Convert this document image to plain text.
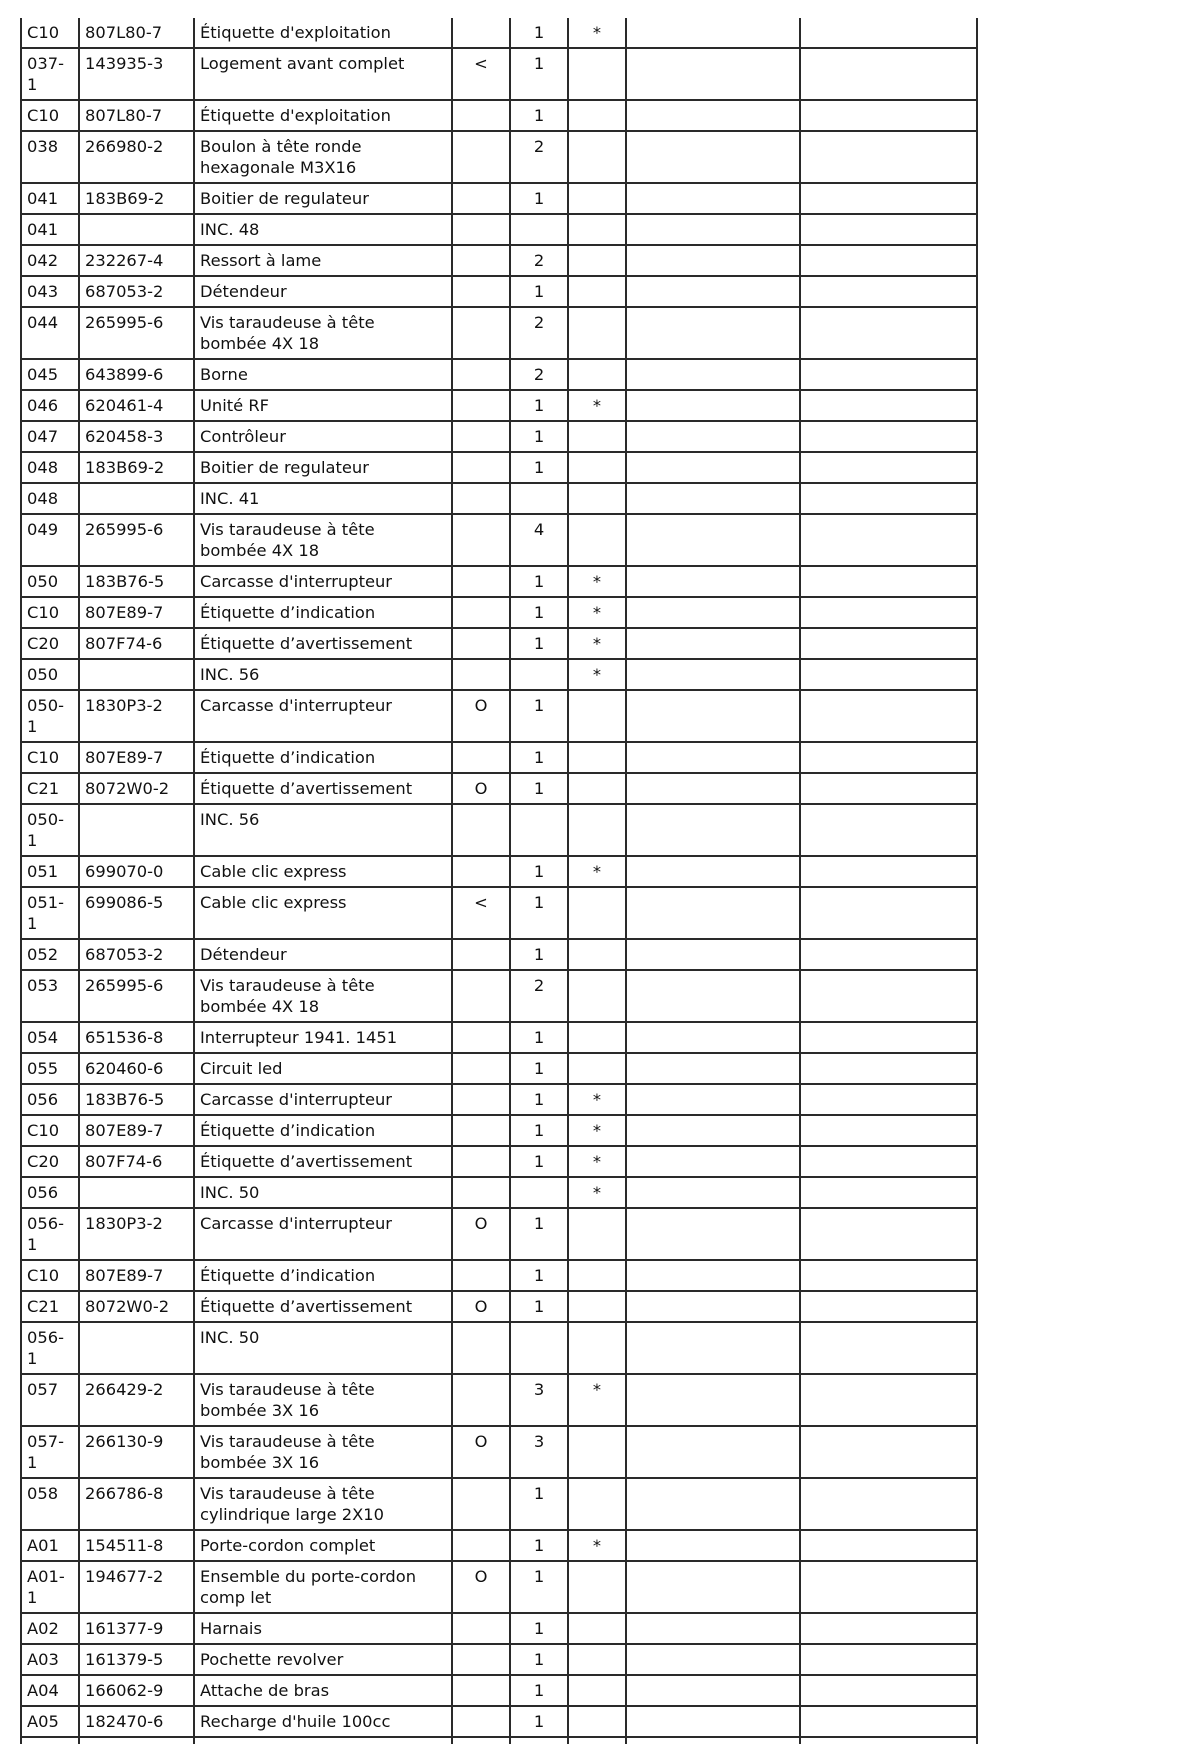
C10	807L80-7	Étiquette d'exploitation		1	*		
037-1	143935-3	Logement avant complet	<	1			
C10	807L80-7	Étiquette d'exploitation		1			
038	266980-2	Boulon à tête ronde hexagonale M3X16		2			
041	183B69-2	Boitier de regulateur		1			
041		INC. 48					
042	232267-4	Ressort à lame		2			
043	687053-2	Détendeur		1			
044	265995-6	Vis taraudeuse à tête bombée 4X 18		2			
045	643899-6	Borne		2			
046	620461-4	Unité RF		1	*		
047	620458-3	Contrôleur		1			
048	183B69-2	Boitier de regulateur		1			
048		INC. 41					
049	265995-6	Vis taraudeuse à tête bombée 4X 18		4			
050	183B76-5	Carcasse d'interrupteur		1	*		
C10	807E89-7	Étiquette d’indication		1	*		
C20	807F74-6	Étiquette d’avertissement		1	*		
050		INC. 56			*		
050-1	1830P3-2	Carcasse d'interrupteur	O	1			
C10	807E89-7	Étiquette d’indication		1			
C21	8072W0-2	Étiquette d’avertissement	O	1			
050-1		INC. 56					
051	699070-0	Cable clic express		1	*		
051-1	699086-5	Cable clic express	<	1			
052	687053-2	Détendeur		1			
053	265995-6	Vis taraudeuse à tête bombée 4X 18		2			
054	651536-8	Interrupteur 1941. 1451		1			
055	620460-6	Circuit led		1			
056	183B76-5	Carcasse d'interrupteur		1	*		
C10	807E89-7	Étiquette d’indication		1	*		
C20	807F74-6	Étiquette d’avertissement		1	*		
056		INC. 50			*		
056-1	1830P3-2	Carcasse d'interrupteur	O	1			
C10	807E89-7	Étiquette d’indication		1			
C21	8072W0-2	Étiquette d’avertissement	O	1			
056-1		INC. 50					
057	266429-2	Vis taraudeuse à tête bombée 3X 16		3	*		
057-1	266130-9	Vis taraudeuse à tête bombée 3X 16	O	3			
058	266786-8	Vis taraudeuse à tête cylindrique large 2X10		1			
A01	154511-8	Porte-cordon complet		1	*		
A01-1	194677-2	Ensemble du porte-cordon comp let	O	1			
A02	161377-9	Harnais		1			
A03	161379-5	Pochette revolver		1			
A04	166062-9	Attache de bras		1			
A05	182470-6	Recharge d'huile 100cc		1			
